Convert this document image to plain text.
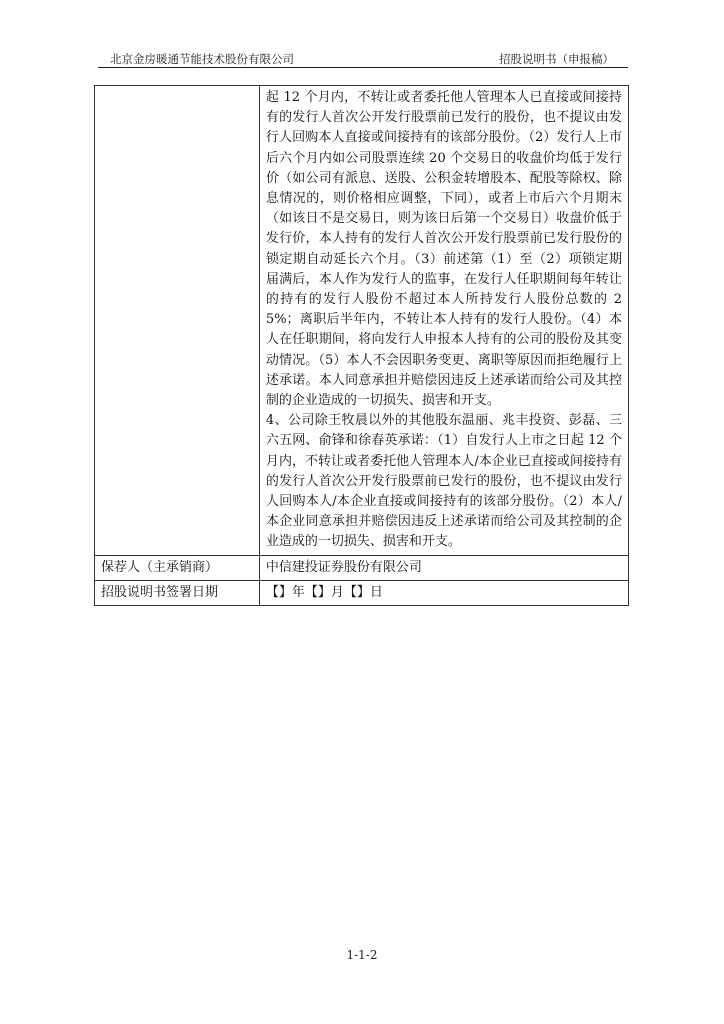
北京金房暖通节能技术股份有限公司	招股说明书（申报稿）

	起 12 个月内，不转让或者委托他人管理本人已直接或间接持有的发行人首次公开发行股票前已发行的股份，也不提议由发行人回购本人直接或间接持有的该部分股份。（2）发行人上市后六个月内如公司股票连续 20 个交易日的收盘价均低于发行价（如公司有派息、送股、公积金转增股本、配股等除权、除息情况的，则价格相应调整，下同），或者上市后六个月期末（如该日不是交易日，则为该日后第一个交易日）收盘价低于发行价，本人持有的发行人首次公开发行股票前已发行股份的锁定期自动延长六个月。（3）前述第（1）至（2）项锁定期届满后，本人作为发行人的监事，在发行人任职期间每年转让的持有的发行人股份不超过本人所持发行人股份总数的 25%；离职后半年内，不转让本人持有的发行人股份。（4）本人在任职期间，将向发行人申报本人持有的公司的股份及其变动情况。（5）本人不会因职务变更、离职等原因而拒绝履行上述承诺。本人同意承担并赔偿因违反上述承诺而给公司及其控制的企业造成的一切损失、损害和开支。
4、公司除王牧晨以外的其他股东温丽、兆丰投资、彭磊、三六五网、俞锋和徐春英承诺：（1）自发行人上市之日起 12 个月内，不转让或者委托他人管理本人/本企业已直接或间接持有的发行人首次公开发行股票前已发行的股份，也不提议由发行人回购本人/本企业直接或间接持有的该部分股份。（2）本人/本企业同意承担并赔偿因违反上述承诺而给公司及其控制的企业造成的一切损失、损害和开支。

保荐人（主承销商）	中信建投证券股份有限公司
招股说明书签署日期	【】年【】月【】日
1-1-2
